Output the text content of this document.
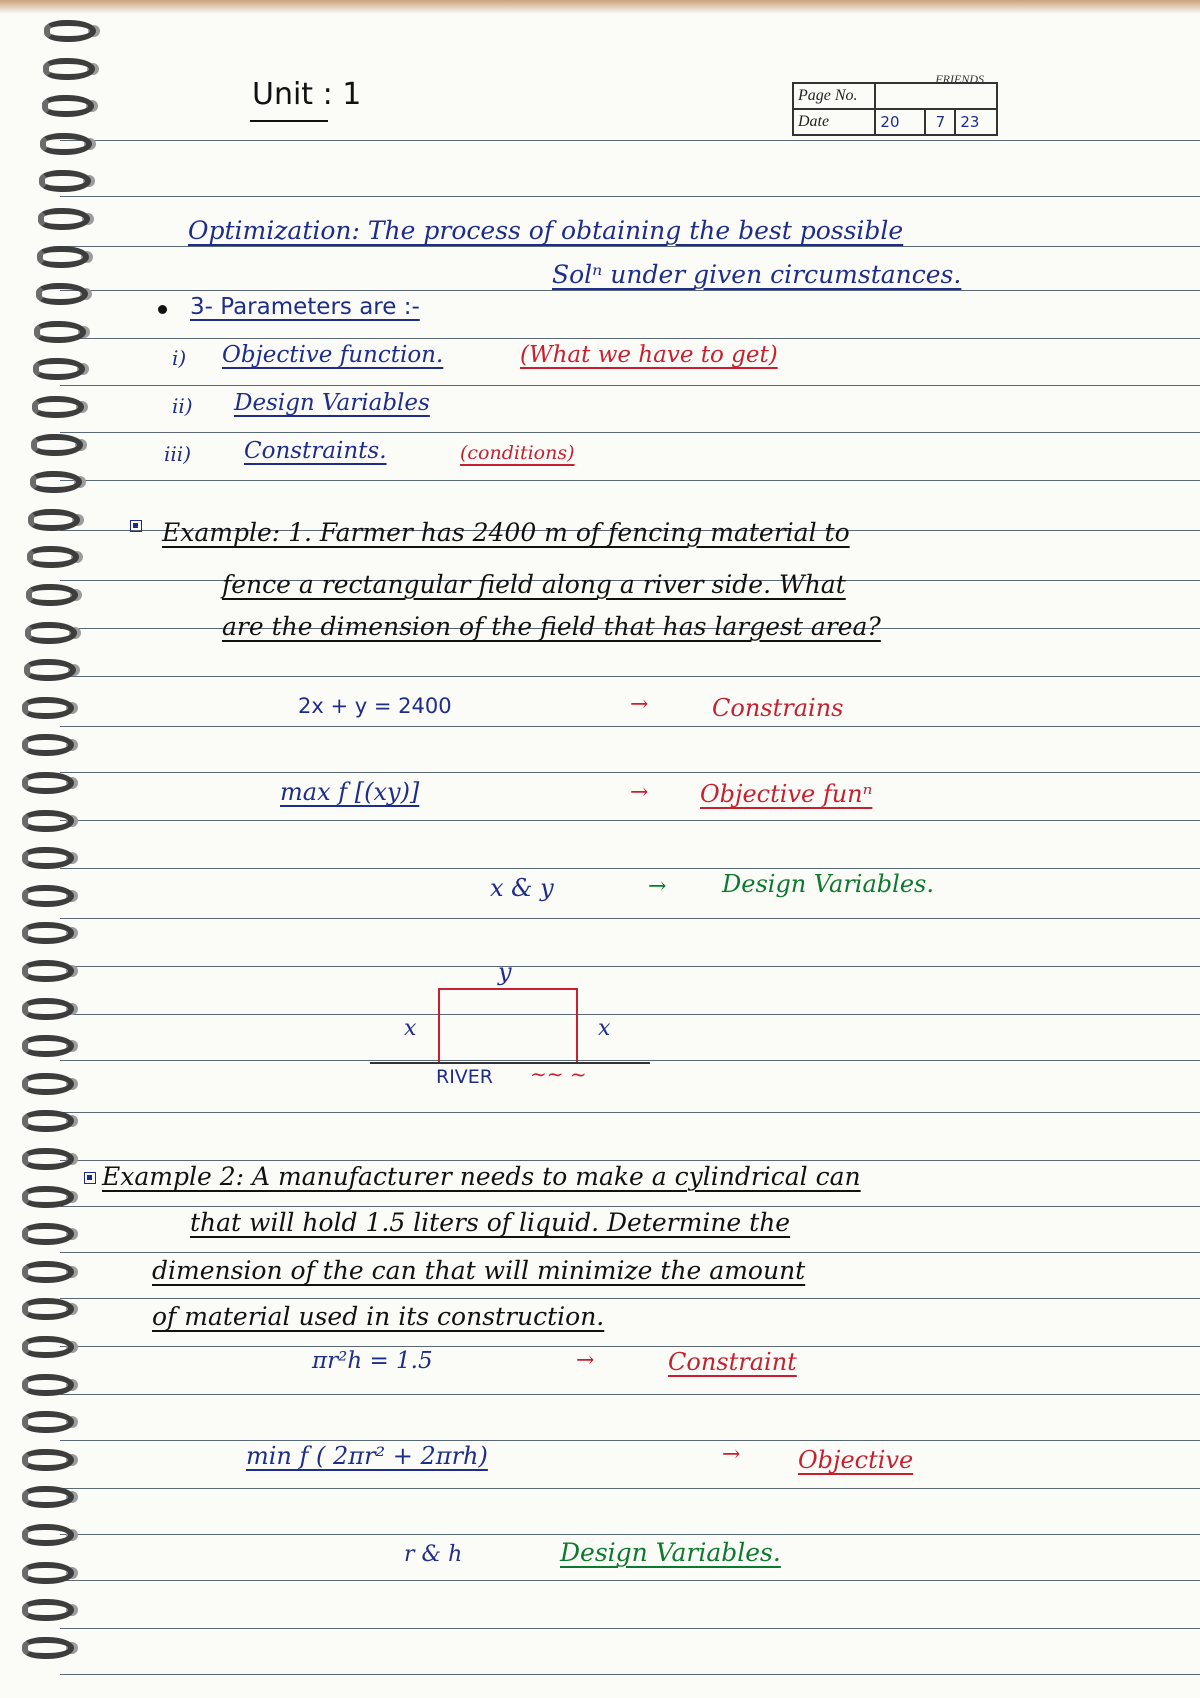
Unit : 1	FRIENDS
Page No.			
Date	20	7	23
Optimization: The process of obtaining the best possible
Solⁿ under given circumstances.
3- Parameters are :-
i) Objective function.	(What we have to get)
ii) Design Variables
iii) Constraints.	(conditions)
Example: 1. Farmer has 2400 m of fencing material to
fence a rectangular field along a river side. What
are the dimension of the field that has largest area?
2x + y = 2400	→	Constrains
max f [(xy)]	→ Objective funⁿ
x & y	→ Design Variables.
y
x	x
RIVER ∼∼ ~
Example 2: A manufacturer needs to make a cylindrical can
that will hold 1.5 liters of liquid. Determine the
dimension of the can that will minimize the amount
of material used in its construction.
πr²h = 1.5	→	Constraint
min f ( 2πr² + 2πrh)	→ Objective
r & h	Design Variables.
